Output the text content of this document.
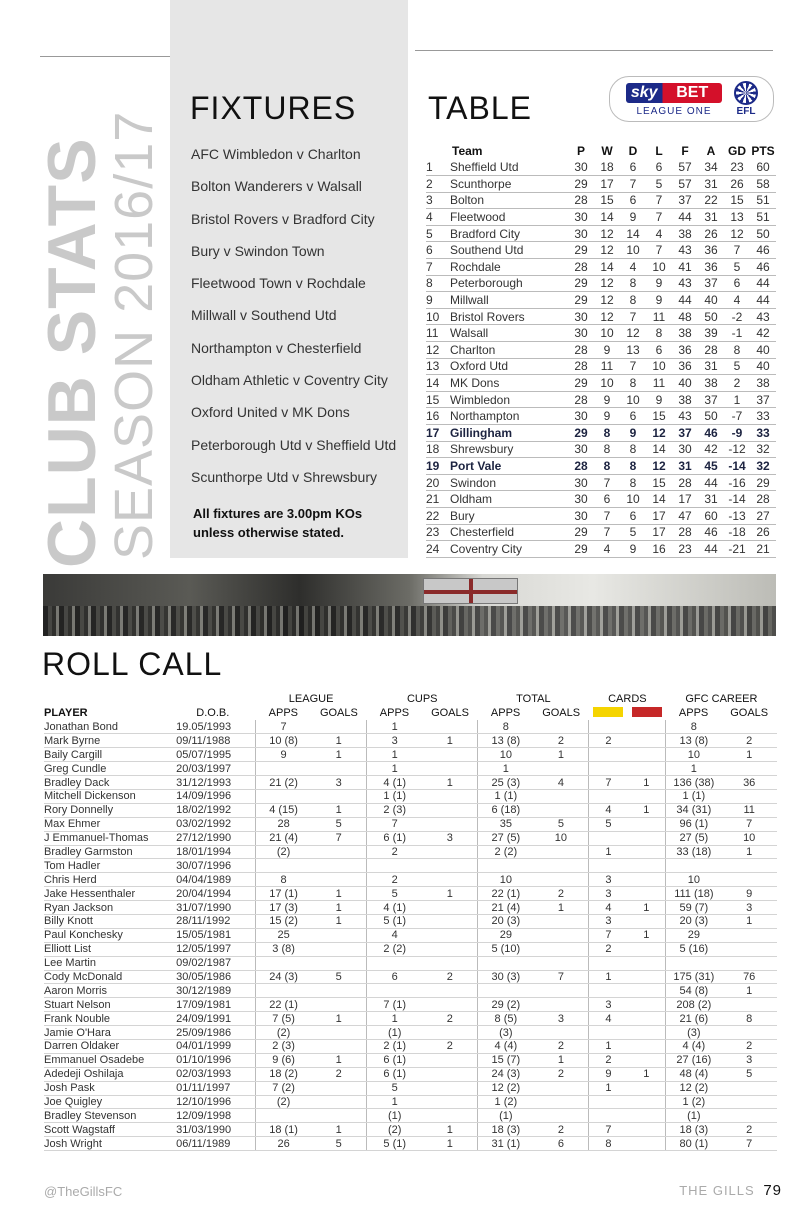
CLUB STATS
SEASON 2016/17
FIXTURES
AFC Wimbledon v Charlton
Bolton Wanderers v Walsall
Bristol Rovers v Bradford City
Bury v Swindon Town
Fleetwood Town v Rochdale
Millwall v Southend Utd
Northampton v Chesterfield
Oldham Athletic v Coventry City
Oxford United v MK Dons
Peterborough Utd v Sheffield Utd
Scunthorpe Utd v Shrewsbury
All fixtures are 3.00pm KOs
unless otherwise stated.
TABLE	sky	BET
LEAGUE ONE	EFL
	Team	P	W	D	L	F	A	GD	PTS
1	Sheffield Utd	30	18	6	6	57	34	23	60
2	Scunthorpe	29	17	7	5	57	31	26	58
3	Bolton	28	15	6	7	37	22	15	51
4	Fleetwood	30	14	9	7	44	31	13	51
5	Bradford City	30	12	14	4	38	26	12	50
6	Southend Utd	29	12	10	7	43	36	7	46
7	Rochdale	28	14	4	10	41	36	5	46
8	Peterborough	29	12	8	9	43	37	6	44
9	Millwall	29	12	8	9	44	40	4	44
10	Bristol Rovers	30	12	7	11	48	50	-2	43
11	Walsall	30	10	12	8	38	39	-1	42
12	Charlton	28	9	13	6	36	28	8	40
13	Oxford Utd	28	11	7	10	36	31	5	40
14	MK Dons	29	10	8	11	40	38	2	38
15	Wimbledon	28	9	10	9	38	37	1	37
16	Northampton	30	9	6	15	43	50	-7	33
17	Gillingham	29	8	9	12	37	46	-9	33
18	Shrewsbury	30	8	8	14	30	42	-12	32
19	Port Vale	28	8	8	12	31	45	-14	32
20	Swindon	30	7	8	15	28	44	-16	29
21	Oldham	30	6	10	14	17	31	-14	28
22	Bury	30	7	6	17	47	60	-13	27
23	Chesterfield	29	7	5	17	28	46	-18	26
24	Coventry City	29	4	9	16	23	44	-21	21
ROLL CALL
		LEAGUE		CUPS		TOTAL		CARDS		GFC CAREER	
PLAYER	D.O.B.	APPS	GOALS	APPS	GOALS	APPS	GOALS			APPS	GOALS
Jonathan Bond	19.05/1993	7		1		8				8	
Mark Byrne	09/11/1988	10 (8)	1	3	1	13 (8)	2	2		13 (8)	2
Baily Cargill	05/07/1995	9	1	1		10	1			10	1
Greg Cundle	20/03/1997			1		1				1	
Bradley Dack	31/12/1993	21 (2)	3	4 (1)	1	25 (3)	4	7	1	136 (38)	36
Mitchell Dickenson	14/09/1996			1 (1)		1 (1)				1 (1)	
Rory Donnelly	18/02/1992	4 (15)	1	2 (3)		6 (18)		4	1	34 (31)	11
Max Ehmer	03/02/1992	28	5	7		35	5	5		96 (1)	7
J Emmanuel-Thomas	27/12/1990	21 (4)	7	6 (1)	3	27 (5)	10			27 (5)	10
Bradley Garmston	18/01/1994	(2)		2		2 (2)		1		33 (18)	1
Tom Hadler	30/07/1996										
Chris Herd	04/04/1989	8		2		10		3		10	
Jake Hessenthaler	20/04/1994	17 (1)	1	5	1	22 (1)	2	3		111 (18)	9
Ryan Jackson	31/07/1990	17 (3)	1	4 (1)		21 (4)	1	4	1	59 (7)	3
Billy Knott	28/11/1992	15 (2)	1	5 (1)		20 (3)		3		20 (3)	1
Paul Konchesky	15/05/1981	25		4		29		7	1	29	
Elliott List	12/05/1997	3 (8)		2 (2)		5 (10)		2		5 (16)	
Lee Martin	09/02/1987										
Cody McDonald	30/05/1986	24 (3)	5	6	2	30 (3)	7	1		175 (31)	76
Aaron Morris	30/12/1989									54 (8)	1
Stuart Nelson	17/09/1981	22 (1)		7 (1)		29 (2)		3		208 (2)	
Frank Nouble	24/09/1991	7 (5)	1	1	2	8 (5)	3	4		21 (6)	8
Jamie O'Hara	25/09/1986	(2)		(1)		(3)				(3)	
Darren Oldaker	04/01/1999	2 (3)		2 (1)	2	4 (4)	2	1		4 (4)	2
Emmanuel Osadebe	01/10/1996	9 (6)	1	6 (1)		15 (7)	1	2		27 (16)	3
Adedeji Oshilaja	02/03/1993	18 (2)	2	6 (1)		24 (3)	2	9	1	48 (4)	5
Josh Pask	01/11/1997	7 (2)		5		12 (2)		1		12 (2)	
Joe Quigley	12/10/1996	(2)		1		1 (2)				1 (2)	
Bradley Stevenson	12/09/1998			(1)		(1)				(1)	
Scott Wagstaff	31/03/1990	18 (1)	1	(2)	1	18 (3)	2	7		18 (3)	2
Josh Wright	06/11/1989	26	5	5 (1)	1	31 (1)	6	8		80 (1)	7
@TheGillsFC	THE GILLS 79
